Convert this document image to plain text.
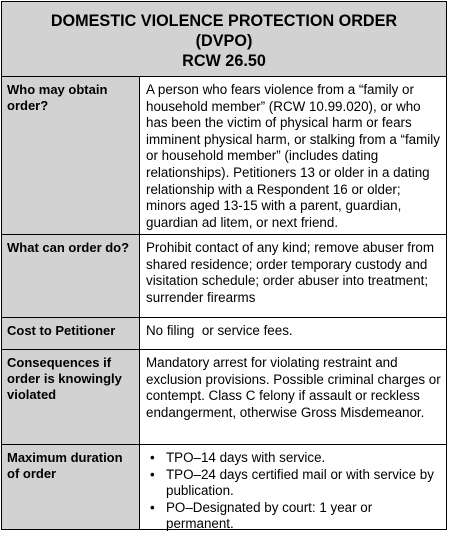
DOMESTIC VIOLENCE PROTECTION ORDER
(DVPO)
RCW 26.50
Who may obtain order?
A person who fears violence from a “family or household member” (RCW 10.99.020), or who has been the victim of physical harm or fears imminent physical harm, or stalking from a “family or household member” (includes dating relationships). Petitioners 13 or older in a dating relationship with a Respondent 16 or older; minors aged 13-15 with a parent, guardian, guardian ad litem, or next friend.
What can order do?	Prohibit contact of any kind; remove abuser from shared residence; order temporary custody and visitation schedule; order abuser into treatment; surrender firearms
Cost to Petitioner	No filing  or service fees.
Consequences if order is knowingly violated
Mandatory arrest for violating restraint and exclusion provisions. Possible criminal charges or contempt. Class C felony if assault or reckless endangerment, otherwise Gross Misdemeanor.
Maximum duration of order
• TPO–14 days with service.
• TPO–24 days certified mail or with service by publication.
• PO–Designated by court: 1 year or permanent.
